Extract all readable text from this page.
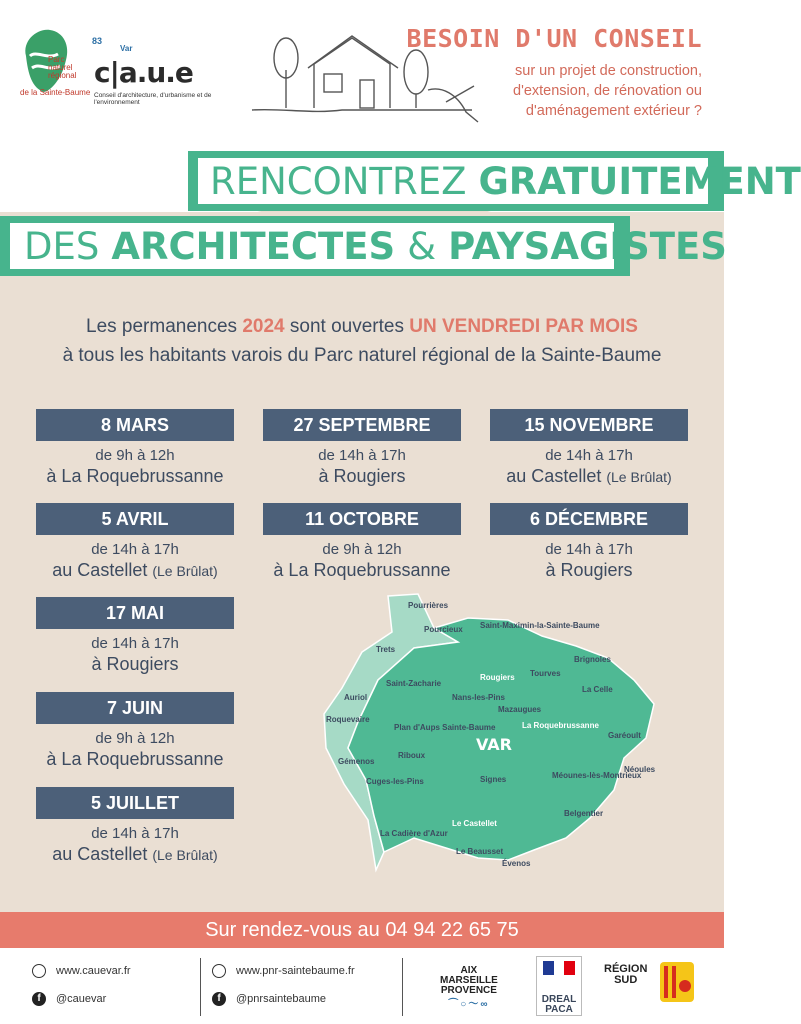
Parc
naturel
régional
de la Sainte-Baume
83
Var
c|a.u.e
Conseil d'architecture, d'urbanisme et de l'environnement
BESOIN D'UN CONSEIL
sur un projet de construction,
d'extension, de rénovation ou
d'aménagement extérieur ?
RENCONTREZ GRATUITEMENT
DES ARCHITECTES & PAYSAGISTES
Les permanences 2024 sont ouvertes UN VENDREDI PAR MOIS
à tous les habitants varois du Parc naturel régional de la Sainte-Baume
8 MARS
de 9h à 12h
à La Roquebrussanne
5 AVRIL
de 14h à 17h
au Castellet (Le Brûlat)
17 MAI
de 14h à 17h
à Rougiers
7 JUIN
de 9h à 12h
à La Roquebrussanne
5 JUILLET
de 14h à 17h
au Castellet (Le Brûlat)
27 SEPTEMBRE
de 14h à 17h
à Rougiers
11 OCTOBRE
de 9h à 12h
à La Roquebrussanne
15 NOVEMBRE
de 14h à 17h
au Castellet (Le Brûlat)
6 DÉCEMBRE
de 14h à 17h
à Rougiers
Pourrières
Pourcieux Saint-Maximin-la-Sainte-Baume
Trets
Brignoles
Rougiers Tourves
La Celle
Saint-Zacharie
Nans-les-Pins
Mazaugues
Auriol
Plan d'Aups Sainte-Baume	La Roquebrussanne
Roquevaire
Garéoult
Riboux
Gémenos
Néoules
Cuges-les-Pins	Signes	Méounes-lès-Montrieux
Belgentier
Le Castellet
La Cadière d'Azur
Le Beausset
Évenos
VAR
Sur rendez-vous au 04 94 22 65 75
www.cauevar.fr
f	@cauevar
www.pnr-saintebaume.fr
f	@pnrsaintebaume
AIX
MARSEILLE
PROVENCE
⌒○〜∞	DREAL
PACA
RÉGION
SUD
